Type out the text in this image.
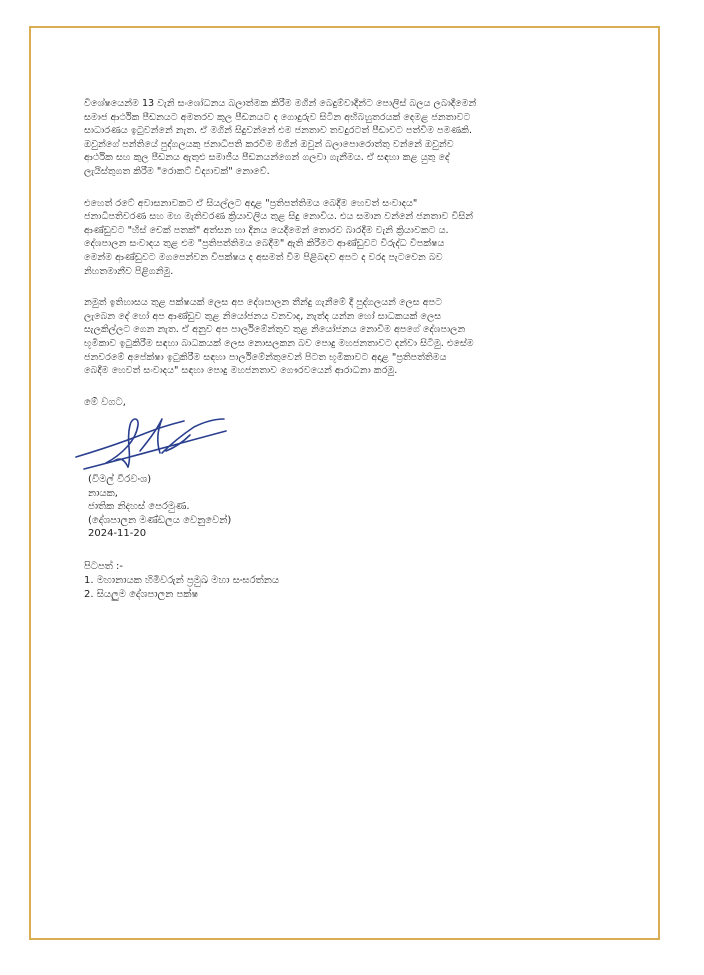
විශේෂයෙන්ම 13 වැනි සංශෝධනය බලාත්මක කිරීම මගින් බෙදුම්වාදීන්ට පොලිස් බලය ලබාදීමෙන්
සමාජ ආර්ථික පීඩනයට අමතරව කුල පීඩනයට ද ගොදුරුව සිටින අභිබහුතරයක් දෙමළ ජනතාවට
සාධාරණය ඉටුවන්නේ නැත. ඒ මගින් සිදුවන්නේ එම ජනතාව තවදුරටත් පීඩාවට පත්වීම පමණකි.
ඔවුන්ගේ පන්තියේ පුද්ගලයකු ජනාධිපති කරවීම මගින් ඔවුන් බලාපොරොත්තු වන්නේ ඔවුන්ව
ආර්ථික සහ කුල පීඩනය ඇතුළු සමාජීය පීඩනයන්ගෙන් ගලවා ගැනීමය. ඒ සඳහා කළ යුතු දේ
ලැයිස්තුගත කිරීම "රොකට් විද්‍යාවක්" නොවේ.
එහෙත් රටේ අවාසනාවකට ඒ සියල්ලට අදාළ "ප්‍රතිපත්තිමය බෙදීම හෙවත් සංවාදය"
ජනාධිපතිවරණ සහ මහ මැතිවරණ ක්‍රියාවලිය තුළ සිදු නොවිය. එය සමාන වන්නේ ජනතාව විසින්
ආණ්ඩුවට "හිස් චෙක් පතක්" අත්සන හා දිනය යෙදීමෙන් තොරව බාරදීම වැනි ක්‍රියාවකට ය.
දේශපාලන සංවාදය තුළ එම "ප්‍රතිපත්තිමය බෙදීම" ඇති කිරීමට ආණ්ඩුවට විරුද්ධ විපක්ෂය
මෙන්ම ආණ්ඩුවට මගපෙන්වන විපක්ෂය ද අසමත් වීම පිළිබඳව අපට ද වරද පැටවෙන බව
නිහතමානීව පිළිගනිමු.
නමුත් ඉතිහාසය තුළ පක්ෂයක් ලෙස අප දේශපාලන තීන්දු ගැනීමේ දී පුද්ගලයන් ලෙස අපට
ලැබෙන දේ හෝ අප ආණ්ඩුව තුළ නියෝජනය වනවාද, නැත්ද යන්න හෝ සාධකයක් ලෙස
සැලකිල්ලට ගෙන නැත. ඒ අනුව අප පාර්ලිමේන්තුව තුළ නියෝජනය නොවීම අපගේ දේශපාලන
භූමිකාව ඉටුකිරීම සඳහා බාධකයක් ලෙස නොසලකන බව පොදු මහජනතාවට දන්වා සිටිමු. එසේම
ජනවරමේ අපේක්ෂා ඉටුකිරීම සඳහා පාර්ලිමේන්තුවෙන් පිටත භූමිකාවට අදාළ "ප්‍රතිපත්තිමය
බෙදීම හෙවත් සංවාදය" සඳහා පොදු මහජනතාව ගෞරවයෙන් ආරාධනා කරමු.

මේ වගට,

(විමල් වීරවංශ)
නායක,
ජාතික නිදහස් පෙරමුණ.
(දේශපාලන මණ්ඩලය වෙනුවෙන්)
2024-11-20
පිටපත් :-
1. මහානායක හිමිවරුන් ප්‍රමුඛ මහා සංඝරත්නය
2. සියලුම දේශපාලන පක්ෂ
